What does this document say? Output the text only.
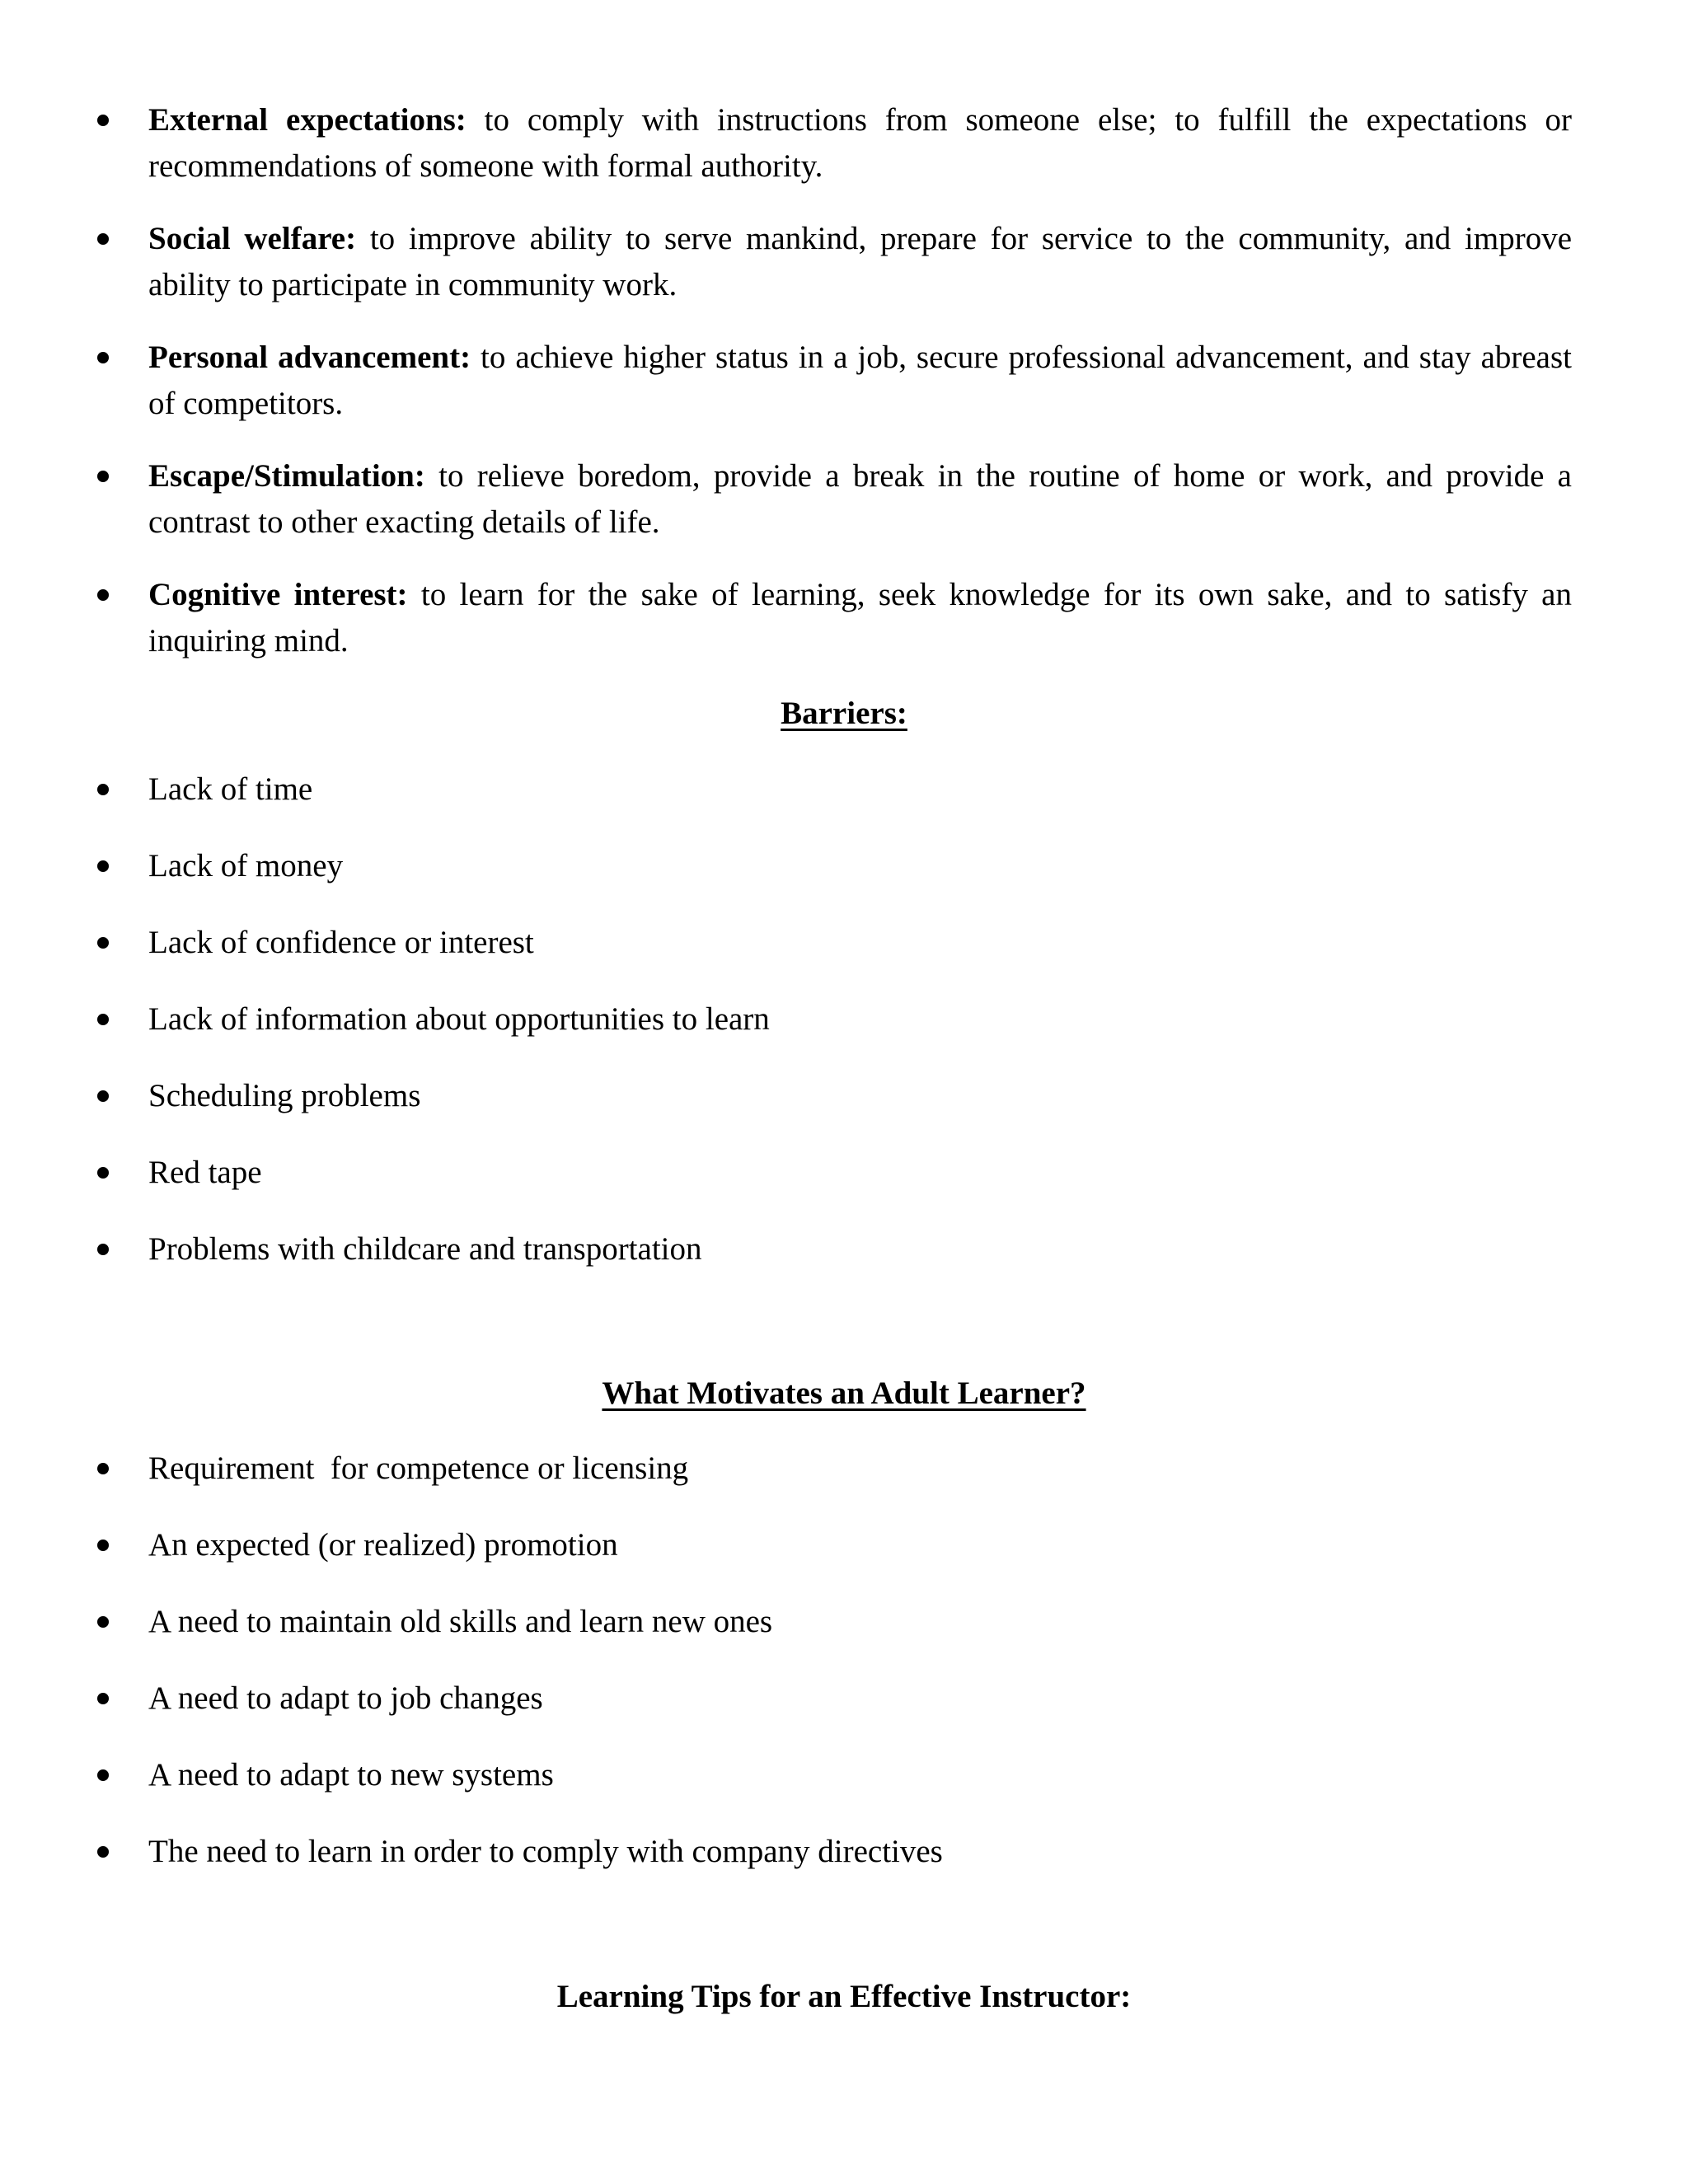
External expectations: to comply with instructions from someone else; to fulfill the expectations or recommendations of someone with formal authority.
Social welfare: to improve ability to serve mankind, prepare for service to the community, and improve ability to participate in community work.
Personal advancement: to achieve higher status in a job, secure professional advancement, and stay abreast of competitors.
Escape/Stimulation: to relieve boredom, provide a break in the routine of home or work, and provide a contrast to other exacting details of life.
Cognitive interest: to learn for the sake of learning, seek knowledge for its own sake, and to satisfy an inquiring mind.
Barriers:
Lack of time
Lack of money
Lack of confidence or interest
Lack of information about opportunities to learn
Scheduling problems
Red tape
Problems with childcare and transportation
What Motivates an Adult Learner?
Requirement  for competence or licensing
An expected (or realized) promotion
A need to maintain old skills and learn new ones
A need to adapt to job changes
A need to adapt to new systems
The need to learn in order to comply with company directives
Learning Tips for an Effective Instructor:
